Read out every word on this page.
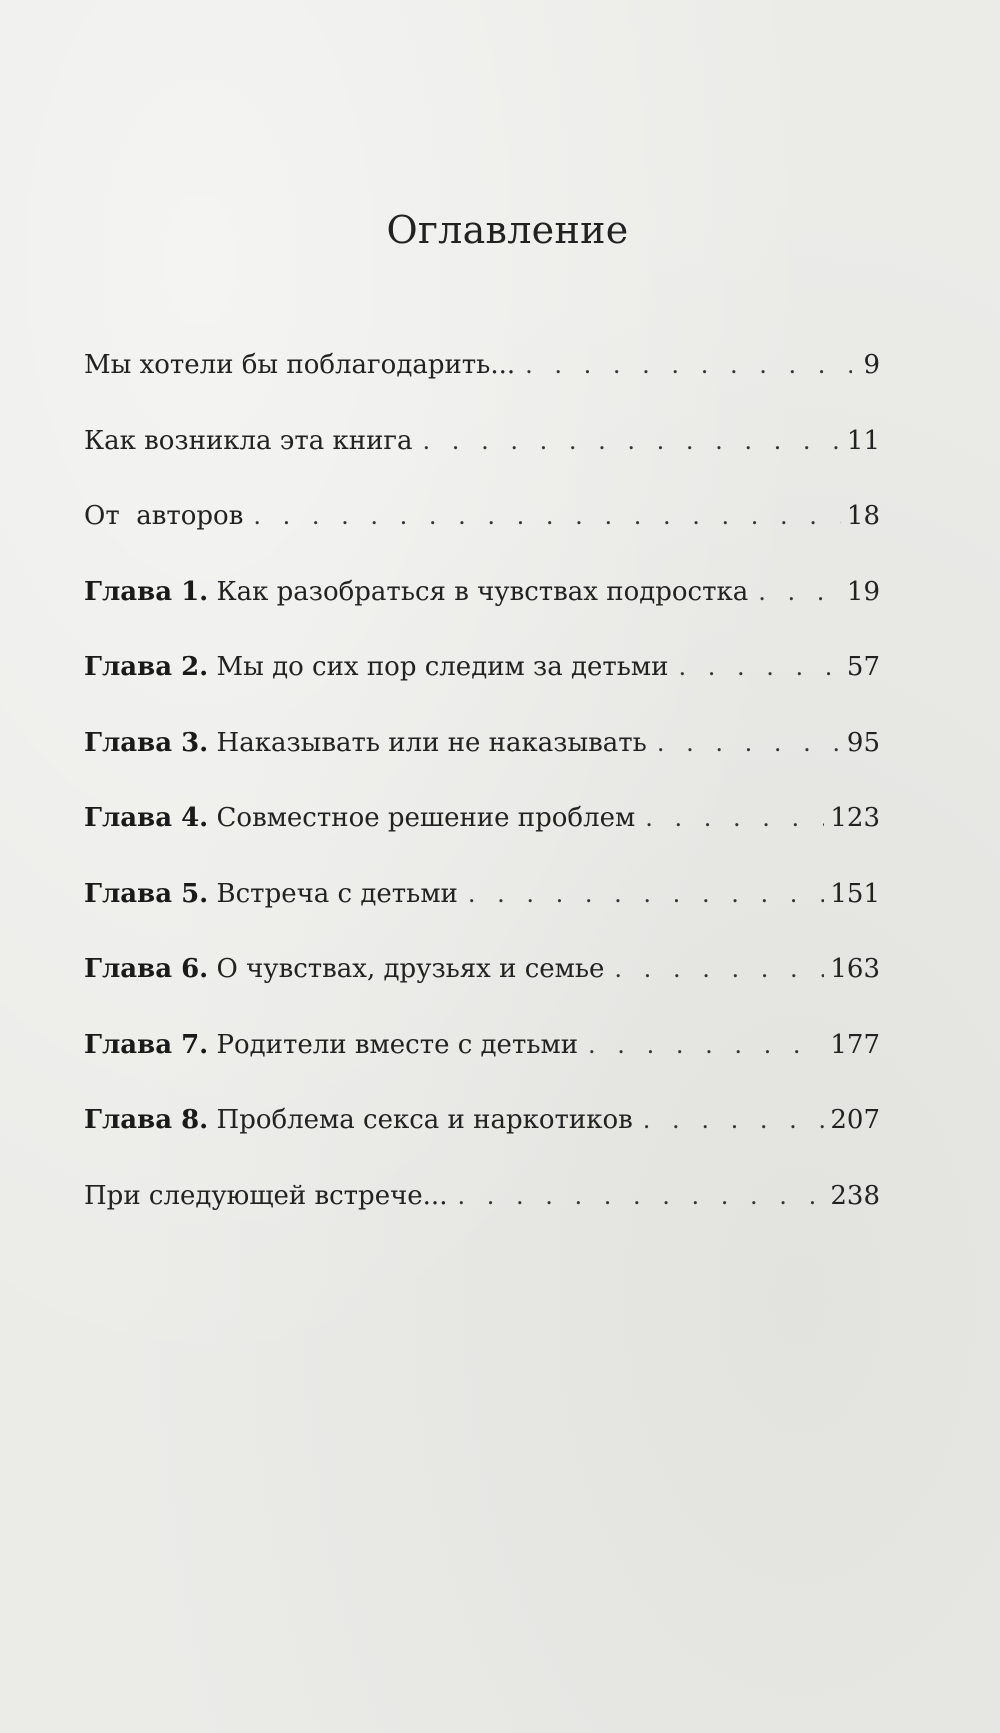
Оглавление
Мы хотели бы поблагодарить... . . .	9
Как возникла эта книга . . .	11
От  авторов . . .	18
Глава 1. Как разобраться в чувствах подростка . . .	19
Глава 2. Мы до сих пор следим за детьми . . .	57
Глава 3. Наказывать или не наказывать . . .	95
Глава 4. Совместное решение проблем . . .	123
Глава 5. Встреча с детьми . . .	151
Глава 6. О чувствах, друзьях и семье . . .	163
Глава 7. Родители вместе с детьми . . .	177
Глава 8. Проблема секса и наркотиков . . .	207
При следующей встрече... . . .	238
